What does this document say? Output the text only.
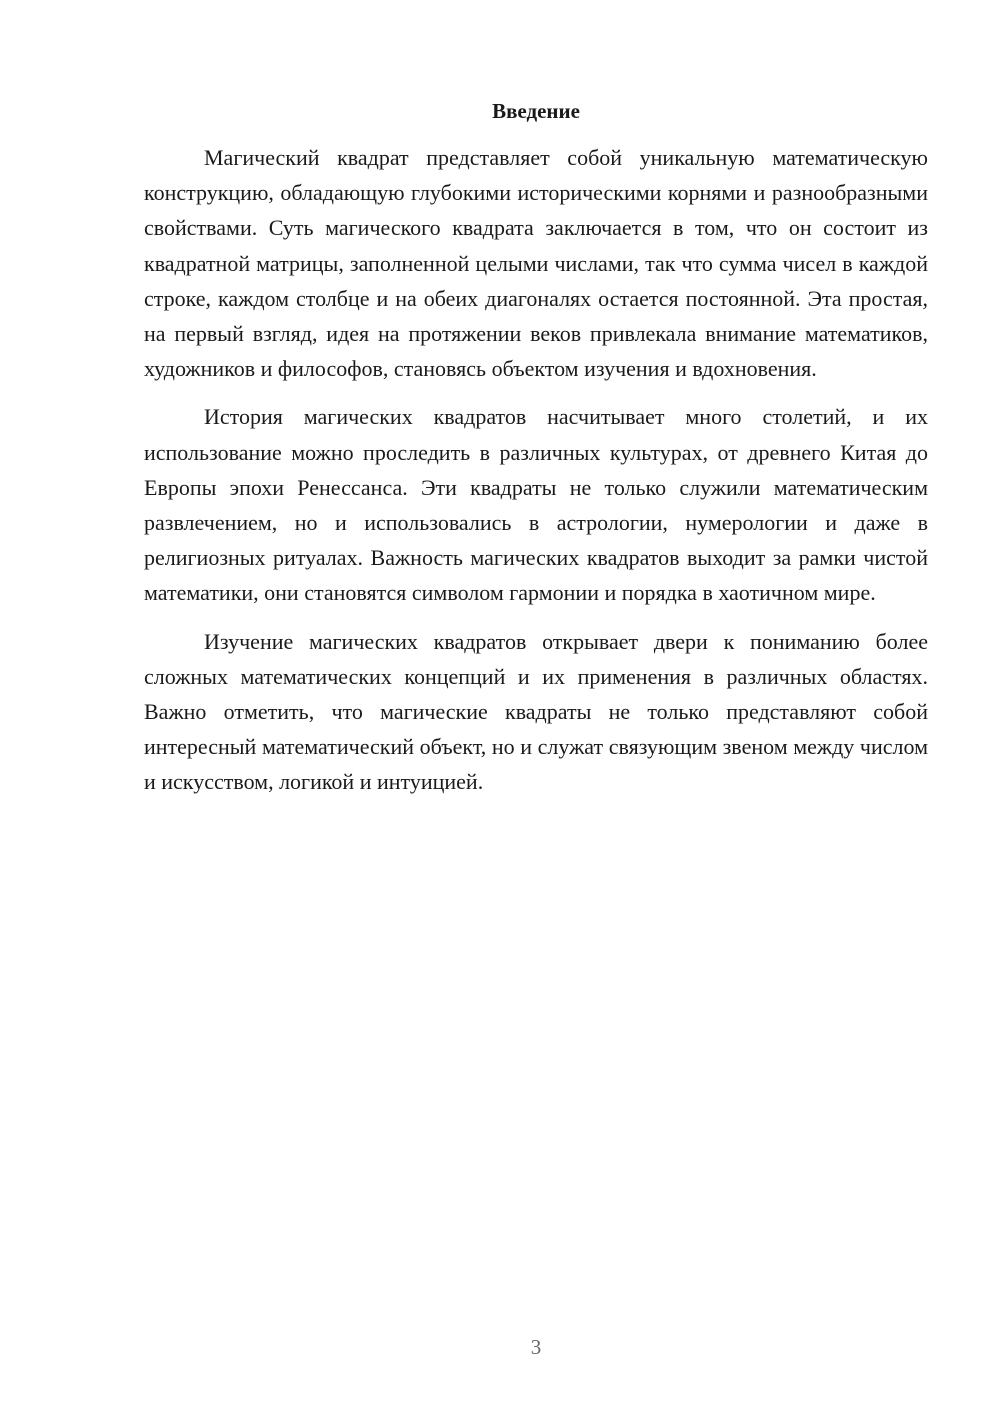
Введение

Магический квадрат представляет собой уникальную математическую конструкцию, обладающую глубокими историческими корнями и разнообразными свойствами. Суть магического квадрата заключается в том, что он состоит из квадратной матрицы, заполненной целыми числами, так что сумма чисел в каждой строке, каждом столбце и на обеих диагоналях остается постоянной. Эта простая, на первый взгляд, идея на протяжении веков привлекала внимание математиков, художников и философов, становясь объектом изучения и вдохновения.

История магических квадратов насчитывает много столетий, и их использование можно проследить в различных культурах, от древнего Китая до Европы эпохи Ренессанса. Эти квадраты не только служили математическим развлечением, но и использовались в астрологии, нумерологии и даже в религиозных ритуалах. Важность магических квадратов выходит за рамки чистой математики, они становятся символом гармонии и порядка в хаотичном мире.

Изучение магических квадратов открывает двери к пониманию более сложных математических концепций и их применения в различных областях. Важно отметить, что магические квадраты не только представляют собой интересный математический объект, но и служат связующим звеном между числом и искусством, логикой и интуицией.

3
